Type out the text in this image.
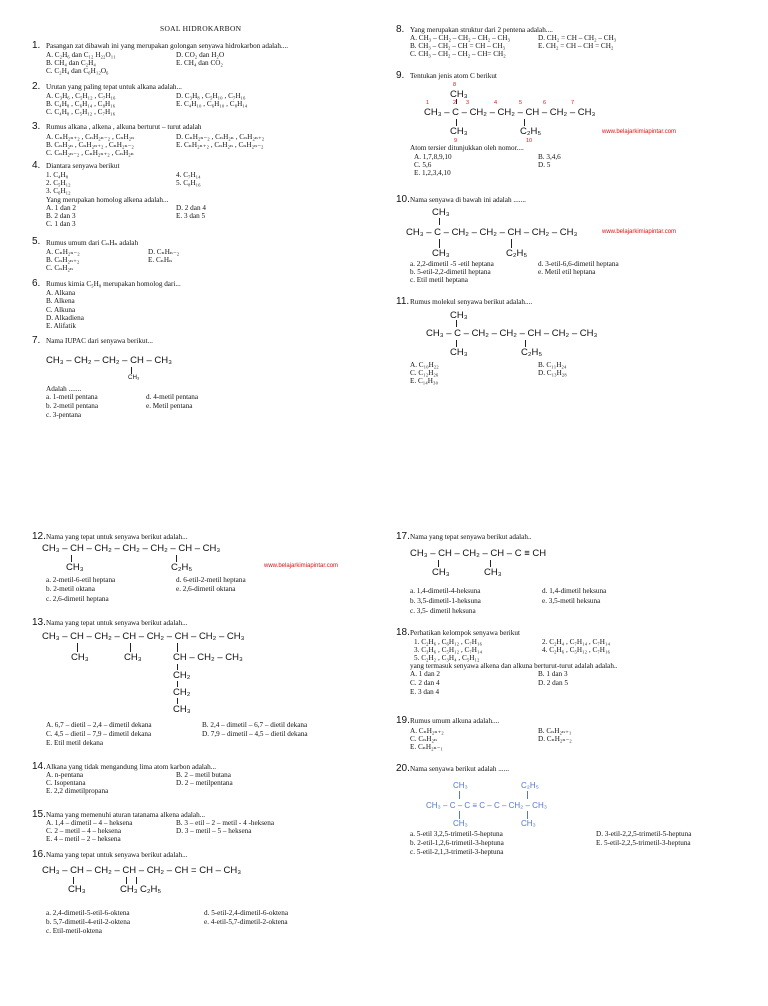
SOAL HIDROKARBON
1. Pasangan zat dibawah ini yang merupakan golongan senyawa hidrokarbon adalah....
A. C₂H₆ dan C₁₂ H₂₂O₁₁	D. CO₂ dan H₂O
B. CH₄ dan C₂H₄	E. CH₄ dan CO₂
C. C₂H₄ dan C₆H₁₂O₆
2. Urutan yang paling tepat untuk alkana adalah...
A. C₃H₆ , C₅H₁₂ , C₇H₁₆	D. C₃H₈ , C₅H₁₀ , C₇H₁₆
B. C₄H₈ , C₆H₁₄ , C₈H₁₆	E. C₄H₁₀ , C₆H₁₀ , C₈H₁₄
C. C₄H₈ , C₅H₁₂ , C₇H₁₆
3. Rumus alkana , alkena , alkuna berturut – turut adalah
A. CₙH₂ₙ₊₂ , CₙH₂ₙ₋₂ , CₙH₂ₙ	D. CₙH₂ₙ₋₂ , CₙH₂ₙ , CₙH₂ₙ₊₂
B. CₙH₂ₙ , CₙH₂ₙ₊₂ , CₙH₂ₙ₋₂	E. CₙH₂ₙ₊₂ , CₙH₂ₙ , CₙH₂ₙ₋₂
C. CₙH₂ₙ₋₂ , CₙH₂ₙ₊₂ , CₙH₂ₙ
4. Diantara senyawa berikut
1. C₄H₈	4. C₇H₁₄
2. C₅H₁₂	5. C₈H₁₆
3. C₆H₁₂
Yang merupakan homolog alkena adalah...
A. 1 dan 2	D. 2 dan 4
B. 2 dan 3	E. 3 dan 5
C. 1 dan 3
5. Rumus umum dari CₙHₙ adalah
A. CₙH₂ₙ₋₂	D. CₙHₙ₋₂
B. CₙH₂ₙ₊₂	E. CₙHₙ
C. CₙH₂ₙ
6. Rumus kimia C₅H₈ merupakan homolog dari...
A. Alkana
B. Alkena
C. Alkuna
D. Alkadiena
E. Alifatik
7. Nama IUPAC dari senyawa berikut...
CH₃ – CH₂ – CH₂ – CH – CH₃
CH₃
Adalah .......
a. 1-metil pentana	d. 4-metil pentana
b. 2-metil pentana	e. Metil pentana
c. 3-pentana
8. Yang merupakan struktur dari 2 pentena adalah....
A. CH₃ – CH₂ – CH₂ – CH₂ – CH₃	D. CH₂ = CH – CH₂ – CH₃
B. CH₃ – CH₂ – CH = CH – CH₃	E. CH₂ = CH – CH = CH₂
C. CH₃ – CH₂ – CH₂ – CH= CH₂
9. Tentukan jenis atom C berikut
8
CH₃
1	2 3	4	5	6	7
CH₃ – C – CH₂ – CH₂ – CH – CH₂ – CH₃
CH₃	C₂H₅	www.belajarkimiapintar.com
9	10
Atom tersier ditunjukkan oleh nomor....
A. 1,7,8,9,10	B. 3,4,6
C. 5,6	D. 5
E. 1,2,3,4,10
10. Nama senyawa di bawah ini adalah .......
CH₃
CH₃ – C – CH₂ – CH₂ – CH – CH₂ – CH₃
CH₃	C₂H₅
www.belajarkimiapintar.com
a. 2,2-dimetil -5 -etil heptana	d. 3-etil-6,6-dimetil heptana
b. 5-etil-2,2-dimetil heptana	e. Metil etil heptana
c. Etil metil heptana
11. Rumus molekul senyawa berikut adalah....
CH₃
CH₃ – C – CH₂ – CH₂ – CH – CH₂ – CH₃
CH₃	C₂H₅
A. C₁₀H₂₂	B. C₁₁H₂₄
C. C₁₂H₂₆	D. C₁₃H₂₈
E. C₁₄H₃₀
12. Nama yang tepat untuk senyawa berikut adalah...
CH₃ – CH – CH₂ – CH₂ – CH₂ – CH – CH₃
CH₃	C₂H₅	www.belajarkimiapintar.com
a. 2-metil-6-etil heptana	d. 6-etil-2-metil heptana
b. 2-metil oktana	e. 2,6-dimetil oktana
c. 2,6-dimetil heptana
13. Nama yang tepat untuk senyawa berikut adalah...
CH₃ – CH – CH₂ – CH – CH₂ – CH – CH₂ – CH₃
CH₃	CH₃	CH – CH₂ – CH₃
CH₂
CH₂
CH₃
A. 6,7 – dietil – 2,4 – dimetil dekana	B. 2,4 – dimetil – 6,7 – dietil dekana
C. 4,5 – dietil – 7,9 – dimetil dekana	D. 7,9 – dimetil – 4,5 – dietil dekana
E. Etil metil dekana
14. Alkana yang tidak mengandung lima atom karbon adalah...
A. n-pentana	B. 2 – metil butana
C. Isopentana	D. 2 – metilpentana
E. 2,2 dimetilpropana
15. Nama yang memenuhi aturan tatanama alkena adalah...
A. 1,4 – dimetil – 4 – heksena	B. 3 – etil – 2 – metil - 4 -heksena
C. 2 – metil – 4 – heksena	D. 3 – metil – 5 – heksena
E. 4 – metil – 2 – heksena
16. Nama yang tepat untuk senyawa berikut adalah...
CH₃ – CH – CH₂ – CH – CH₂ – CH = CH – CH₃
CH₃	CH₃ C₂H₅
a. 2,4-dimetil-5-etil-6-oktena	d. 5-etil-2,4-dimetil-6-oktena
b. 5,7-dimetil-4-etil-2-oktena	e. 4-etil-5,7-dimetil-2-oktena
c. Etil-metil-oktena
17. Nama yang tepat senyawa berikut adalah..
CH₃ – CH – CH₂ – CH – C ≡ CH
CH₃	CH₃
a. 1,4-dimetil-4-heksuna	d. 1,4-dimetil heksuna
b. 3,5-dimetil-1-heksuna	e. 3,5-metil heksuna
c. 3,5- dimetil heksuna
18. Perhatikan kelompok senyawa berikut
1. C₂H₆ , C₆H₁₂ , C₇H₁₆	2. C₂H₄ , C₇H₁₄ , C₇H₁₄
3. C₃H₆ , C₅H₁₂ , C₇H₁₄	4. C₂H₆ , C₅H₁₂ , C₇H₁₆
5. C₂H₂ , C₃H₄ , C₅H₁₂
yang termasuk senyawa alkena dan alkuna berturut-turut adalah adalah..
A. 1 dan 2	B. 1 dan 3
C. 2 dan 4	D. 2 dan 5
E. 3 dan 4
19. Rumus umum alkuna adalah....
A. CₙH₂ₙ₊₂	B. CₙH₂ₙ₊₁
C. CₙH₂ₙ	D. CₙH₂ₙ₋₂
E. CₙH₂ₙ₋₁
20. Nama senyawa berikut adalah ......
CH₃	C₂H₅
CH₃ – C – C ≡ C – C – CH₂ – CH₃
CH₃	CH₃
a. 5-etil 3,2,5-trimetil-5-heptuna	D. 3-etil-2,2,5-trimetil-5-heptuna
b. 2-etil-1,2,6-trimetil-3-heptuna	E. 5-etil-2,2,5-trimetil-3-heptuna
c. 5-etil-2,1,3-trimetil-3-heptuna
